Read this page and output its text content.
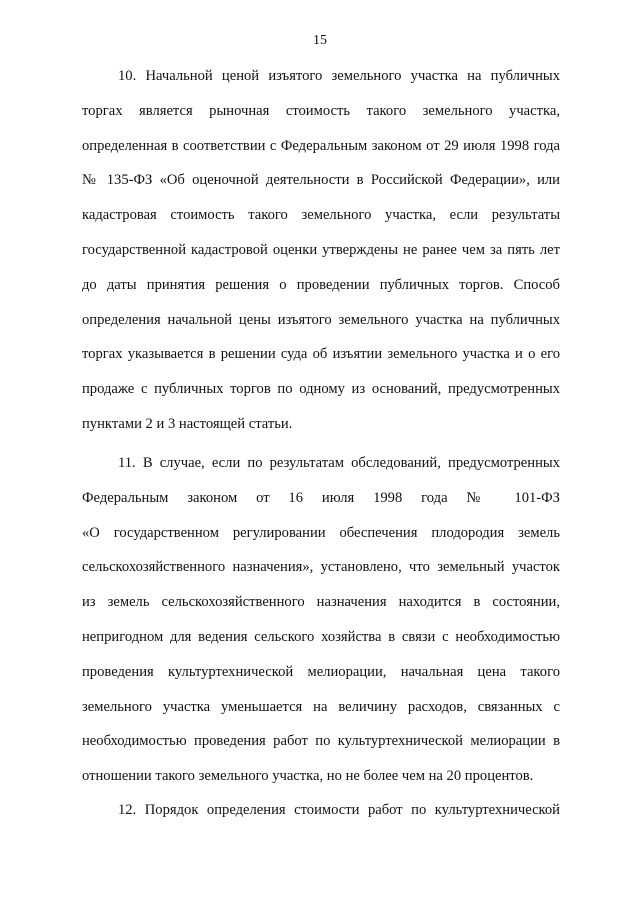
15
10. Начальной ценой изъятого земельного участка на публичных
торгах является рыночная стоимость такого земельного участка,
определенная в соответствии с Федеральным законом от 29 июля 1998 года
№ 135-ФЗ «Об оценочной деятельности в Российской Федерации», или
кадастровая стоимость такого земельного участка, если результаты
государственной кадастровой оценки утверждены не ранее чем за пять лет
до даты принятия решения о проведении публичных торгов. Способ
определения начальной цены изъятого земельного участка на публичных
торгах указывается в решении суда об изъятии земельного участка и о его
продаже с публичных торгов по одному из оснований, предусмотренных
пунктами 2 и 3 настоящей статьи.
11. В случае, если по результатам обследований, предусмотренных
Федеральным законом от 16 июля 1998 года № 101-ФЗ
«О государственном регулировании обеспечения плодородия земель
сельскохозяйственного назначения», установлено, что земельный участок
из земель сельскохозяйственного назначения находится в состоянии,
непригодном для ведения сельского хозяйства в связи с необходимостью
проведения культуртехнической мелиорации, начальная цена такого
земельного участка уменьшается на величину расходов, связанных с
необходимостью проведения работ по культуртехнической мелиорации в
отношении такого земельного участка, но не более чем на 20 процентов.
12. Порядок определения стоимости работ по культуртехнической
